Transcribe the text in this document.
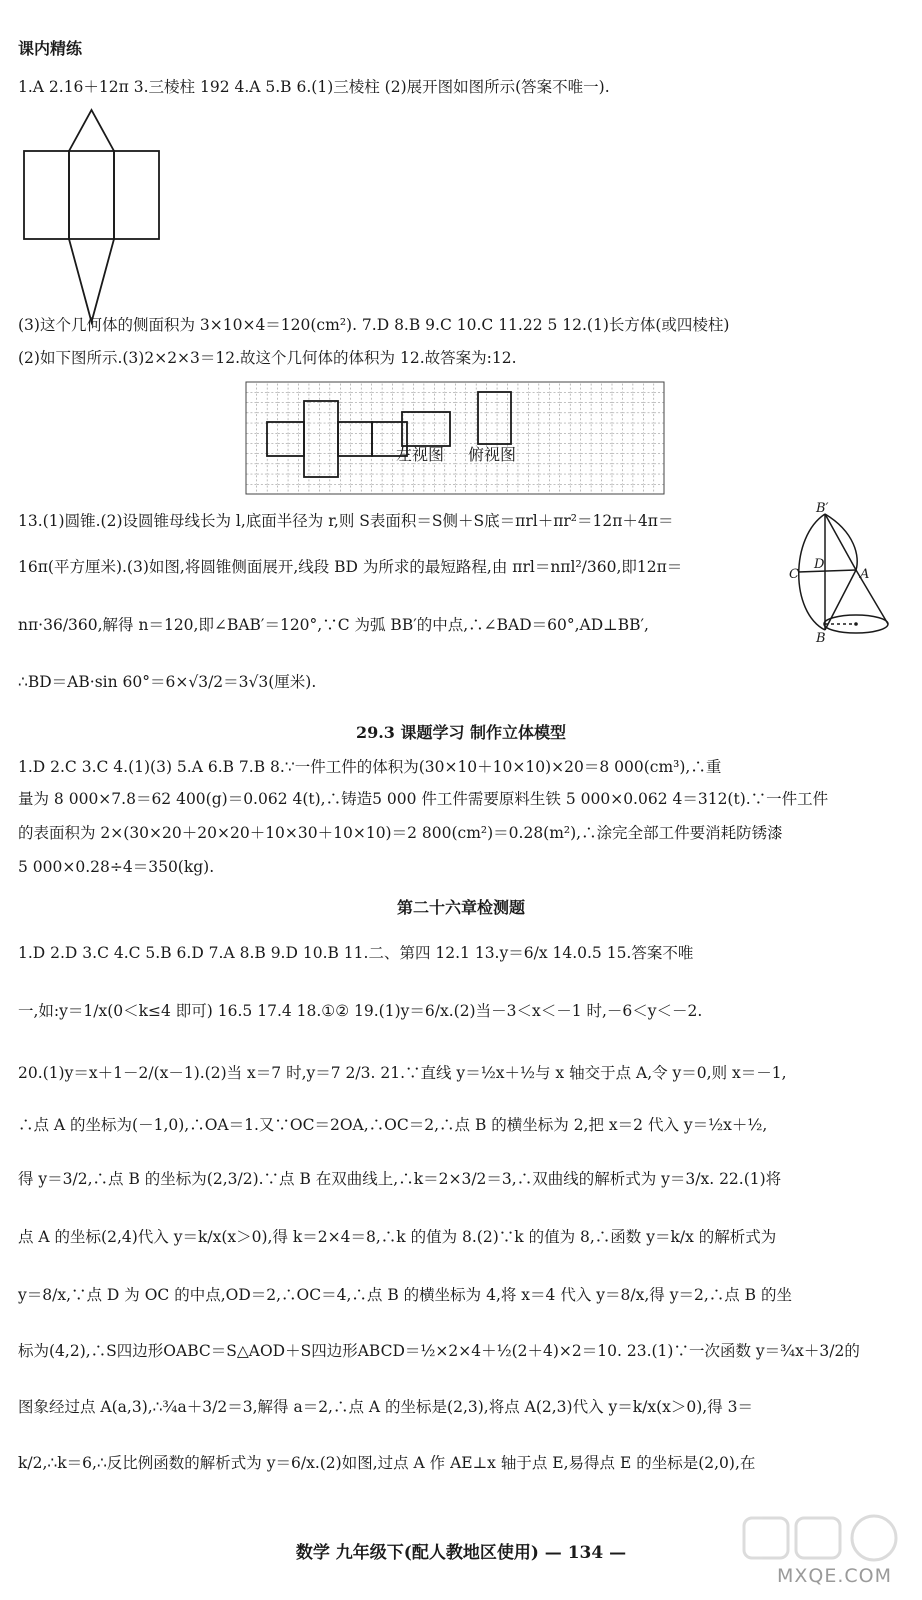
课内精练
1.A 2.16＋12π 3.三棱柱 192 4.A 5.B 6.(1)三棱柱 (2)展开图如图所示(答案不唯一).
(3)这个几何体的侧面积为 3×10×4＝120(cm²). 7.D 8.B 9.C 10.C 11.22 5 12.(1)长方体(或四棱柱)
(2)如下图所示.(3)2×2×3＝12.故这个几何体的体积为 12.故答案为:12.
左视图 俯视图
13.(1)圆锥.(2)设圆锥母线长为 l,底面半径为 r,则 S表面积＝S侧＋S底＝πrl＋πr²＝12π＋4π＝
16π(平方厘米).(3)如图,将圆锥侧面展开,线段 BD 为所求的最短路程,由 πrl＝nπl²/360,即12π＝
nπ·36/360,解得 n＝120,即∠BAB′＝120°,∵C 为弧 BB′的中点,∴∠BAD＝60°,AD⊥BB′,
B′
C
D
A
B
∴BD＝AB·sin 60°＝6×√3/2＝3√3(厘米).
29.3 课题学习 制作立体模型
1.D 2.C 3.C 4.(1)(3) 5.A 6.B 7.B 8.∵一件工件的体积为(30×10＋10×10)×20＝8 000(cm³),∴重
量为 8 000×7.8＝62 400(g)＝0.062 4(t),∴铸造5 000 件工件需要原料生铁 5 000×0.062 4＝312(t).∵一件工件
的表面积为 2×(30×20＋20×20＋10×30＋10×10)＝2 800(cm²)＝0.28(m²),∴涂完全部工件要消耗防锈漆
5 000×0.28÷4＝350(kg).
第二十六章检测题
1.D 2.D 3.C 4.C 5.B 6.D 7.A 8.B 9.D 10.B 11.二、第四 12.1 13.y＝6/x 14.0.5 15.答案不唯
一,如:y＝1/x(0＜k≤4 即可) 16.5 17.4 18.①② 19.(1)y＝6/x.(2)当－3＜x＜－1 时,－6＜y＜－2.
20.(1)y＝x＋1－2/(x－1).(2)当 x＝7 时,y＝7 2/3. 21.∵直线 y＝½x＋½与 x 轴交于点 A,令 y＝0,则 x＝－1,
∴点 A 的坐标为(－1,0),∴OA＝1.又∵OC＝2OA,∴OC＝2,∴点 B 的横坐标为 2,把 x＝2 代入 y＝½x＋½,
得 y＝3/2,∴点 B 的坐标为(2,3/2).∵点 B 在双曲线上,∴k＝2×3/2＝3,∴双曲线的解析式为 y＝3/x. 22.(1)将
点 A 的坐标(2,4)代入 y＝k/x(x＞0),得 k＝2×4＝8,∴k 的值为 8.(2)∵k 的值为 8,∴函数 y＝k/x 的解析式为
y＝8/x,∵点 D 为 OC 的中点,OD＝2,∴OC＝4,∴点 B 的横坐标为 4,将 x＝4 代入 y＝8/x,得 y＝2,∴点 B 的坐
标为(4,2),∴S四边形OABC＝S△AOD＋S四边形ABCD＝½×2×4＋½(2＋4)×2＝10. 23.(1)∵一次函数 y＝¾x＋3/2的
图象经过点 A(a,3),∴¾a＋3/2＝3,解得 a＝2,∴点 A 的坐标是(2,3),将点 A(2,3)代入 y＝k/x(x＞0),得 3＝
k/2,∴k＝6,∴反比例函数的解析式为 y＝6/x.(2)如图,过点 A 作 AE⊥x 轴于点 E,易得点 E 的坐标是(2,0),在
数学 九年级下(配人教地区使用) — 134 —
MXQE.COM
